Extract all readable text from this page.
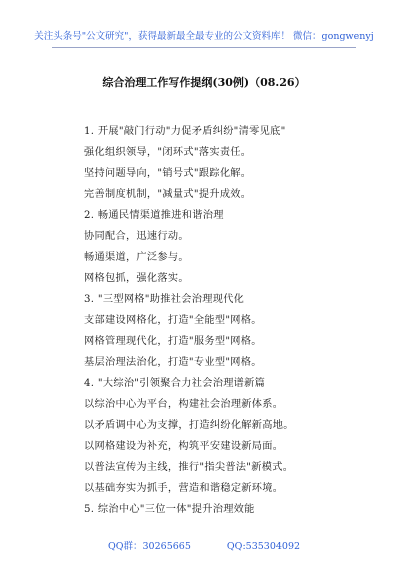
关注头条号"公文研究"，获得最新最全最专业的公文资料库！ 微信：gongwenyj
综合治理工作写作提纲(30例)（08.26）
1. 开展"敲门行动"力促矛盾纠纷"清零见底"
强化组织领导，"闭环式"落实责任。
坚持问题导向，"销号式"跟踪化解。
完善制度机制，"减量式"提升成效。
2. 畅通民情渠道推进和谐治理
协同配合，迅速行动。
畅通渠道，广泛参与。
网格包抓，强化落实。
3. "三型网格"助推社会治理现代化
支部建设网格化，打造"全能型"网格。
网格管理现代化，打造"服务型"网格。
基层治理法治化，打造"专业型"网格。
4. "大综治"引领聚合力社会治理谱新篇
以综治中心为平台，构建社会治理新体系。
以矛盾调中心为支撑，打造纠纷化解新高地。
以网格建设为补充，构筑平安建设新局面。
以普法宣传为主线，推行"指尖普法"新模式。
以基础夯实为抓手，营造和谐稳定新环境。
5. 综治中心"三位一体"提升治理效能
QQ群：30265665	QQ:535304092
